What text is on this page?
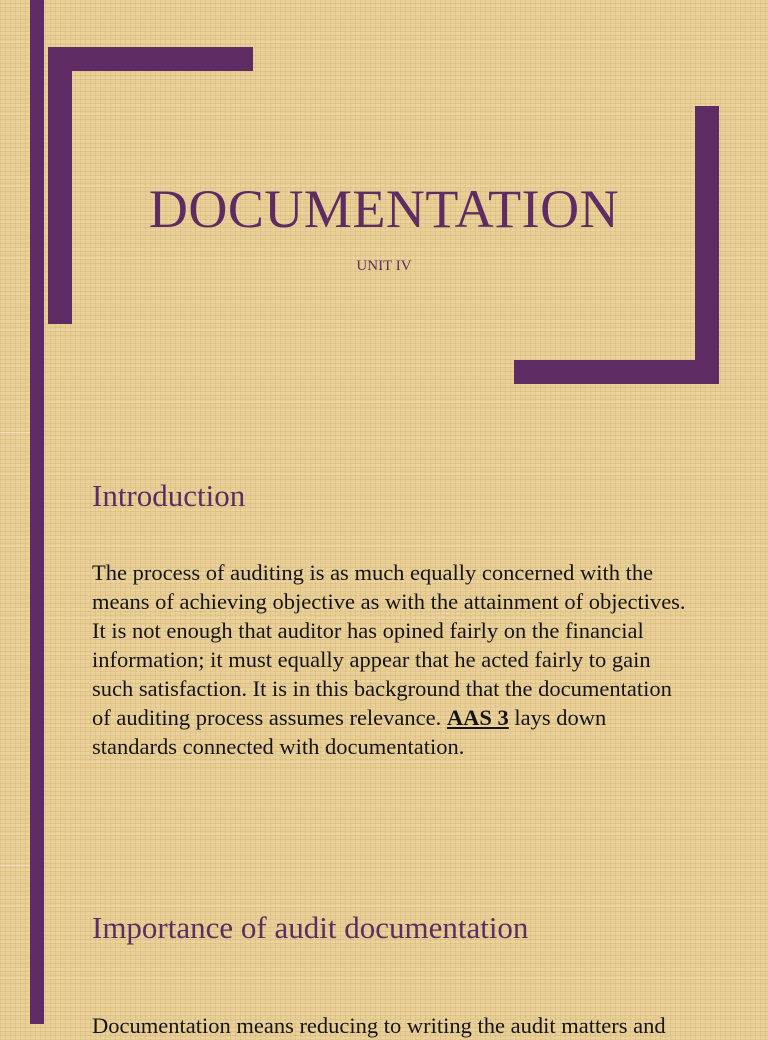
DOCUMENTATION
UNIT IV
Introduction
The process of auditing is as much equally concerned with the means of achieving objective as with the attainment of objectives. It is not enough that auditor has opined fairly on the financial information; it must equally appear that he acted fairly to gain such satisfaction. It is in this background that the documentation of auditing process assumes relevance. AAS 3 lays down standards connected with documentation.
Importance of audit documentation
Documentation means reducing to writing the audit matters and
